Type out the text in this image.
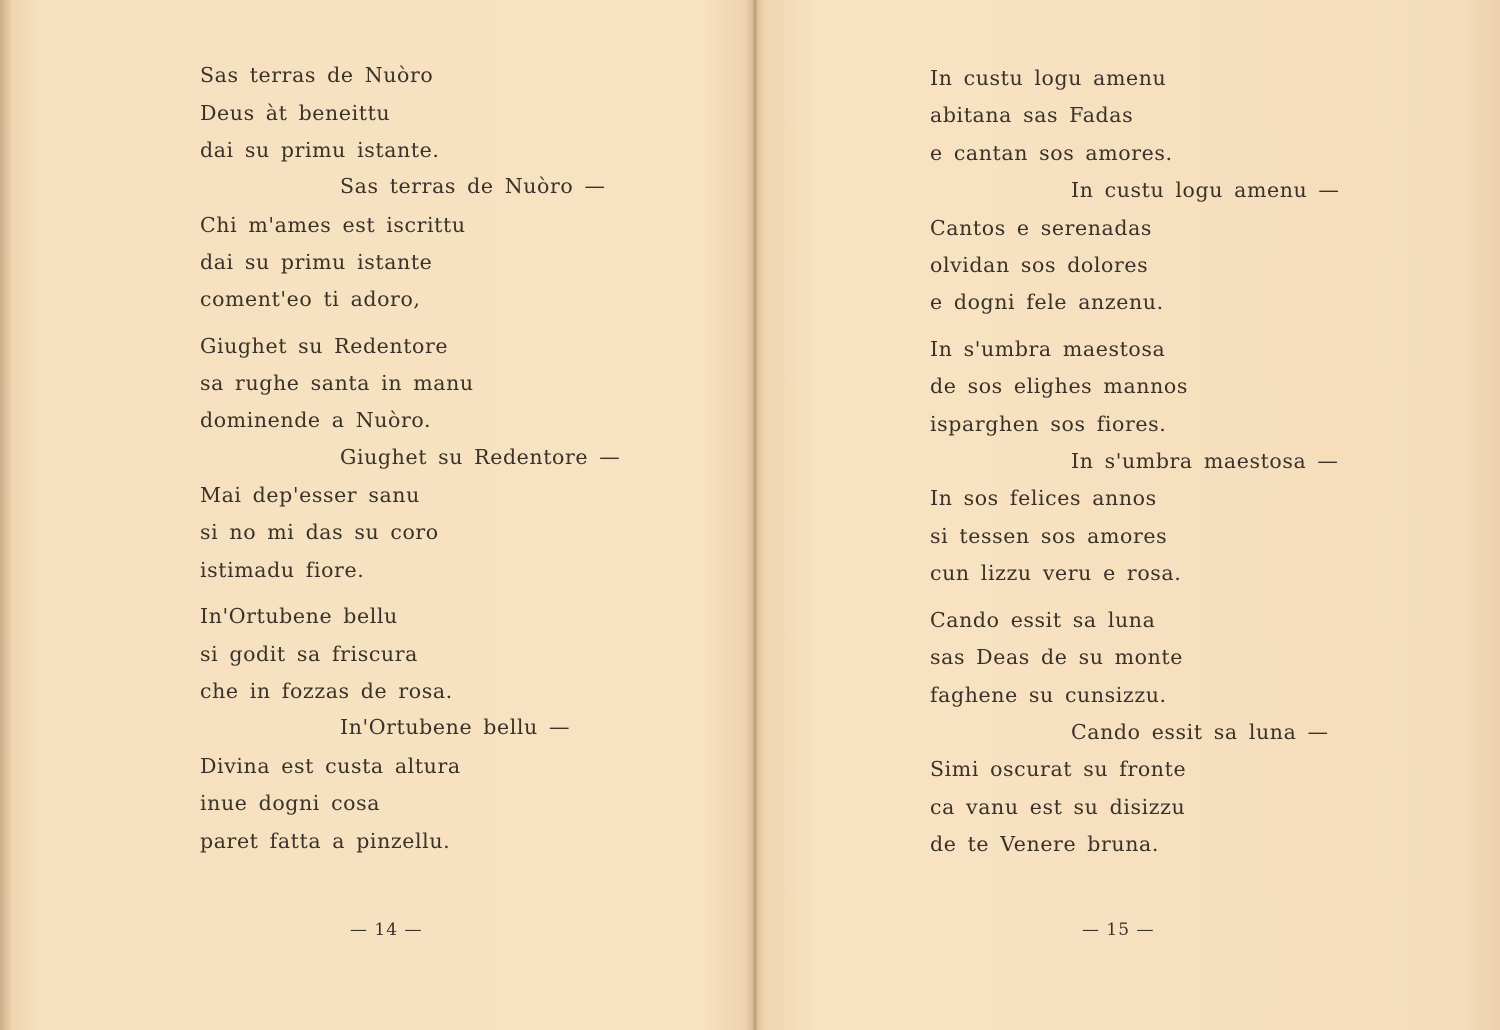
Sas terras de Nuòro
Deus àt beneittu
dai su primu istante.
Sas terras de Nuòro —
Chi m'ames est iscrittu
dai su primu istante
coment'eo ti adoro,
Giughet su Redentore
sa rughe santa in manu
dominende a Nuòro.
Giughet su Redentore —
Mai dep'esser sanu
si no mi das su coro
istimadu fiore.
In'Ortubene bellu
si godit sa friscura
che in fozzas de rosa.
In'Ortubene bellu —
Divina est custa altura
inue dogni cosa
paret fatta a pinzellu.
— 14 —
In custu logu amenu
abitana sas Fadas
e cantan sos amores.
In custu logu amenu —
Cantos e serenadas
olvidan sos dolores
e dogni fele anzenu.
In s'umbra maestosa
de sos elighes mannos
isparghen sos fiores.
In s'umbra maestosa —
In sos felices annos
si tessen sos amores
cun lizzu veru e rosa.
Cando essit sa luna
sas Deas de su monte
faghene su cunsizzu.
Cando essit sa luna —
Simi oscurat su fronte
ca vanu est su disizzu
de te Venere bruna.
— 15 —
